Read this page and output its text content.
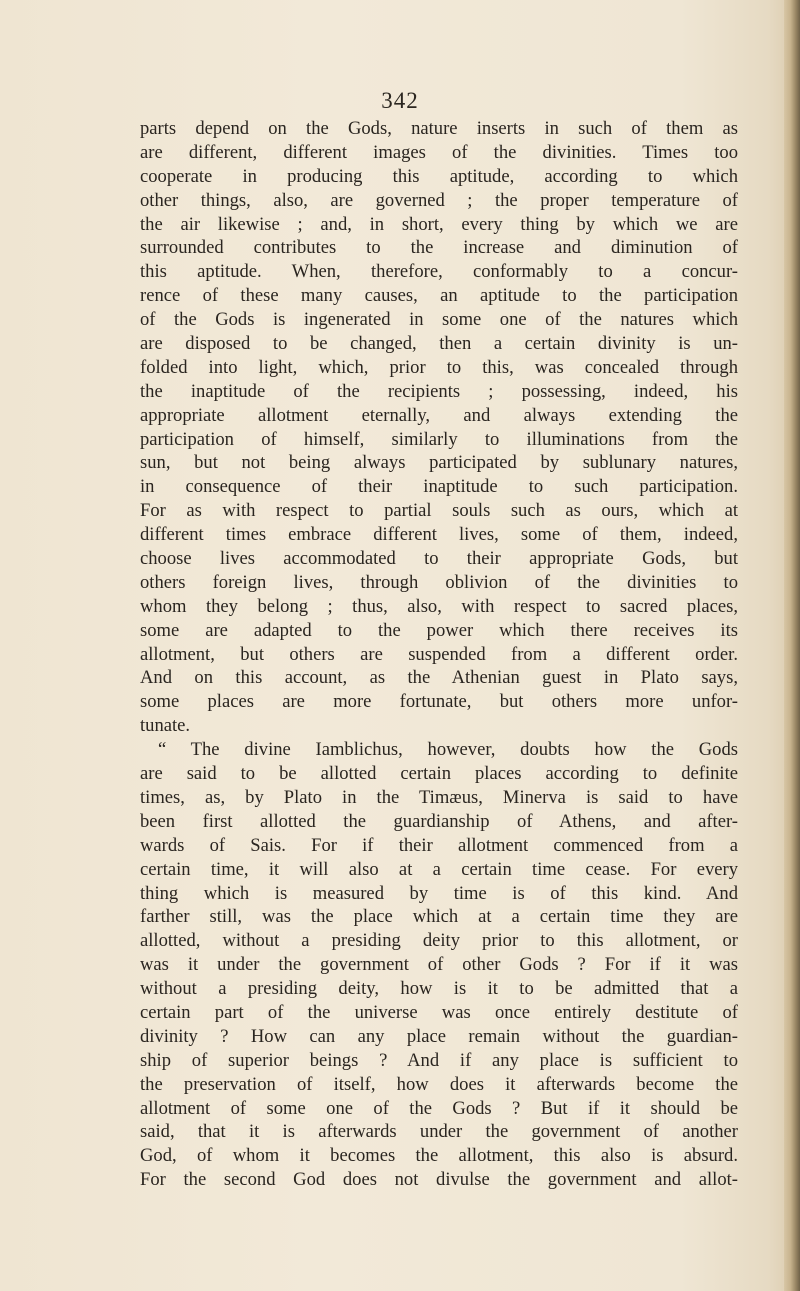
342
parts depend on the Gods, nature inserts in such of them as
are different, different images of the divinities. Times too
cooperate in producing this aptitude, according to which
other things, also, are governed ; the proper temperature of
the air likewise ; and, in short, every thing by which we are
surrounded contributes to the increase and diminution of
this aptitude. When, therefore, conformably to a concur-
rence of these many causes, an aptitude to the participation
of the Gods is ingenerated in some one of the natures which
are disposed to be changed, then a certain divinity is un-
folded into light, which, prior to this, was concealed through
the inaptitude of the recipients ; possessing, indeed, his
appropriate allotment eternally, and always extending the
participation of himself, similarly to illuminations from the
sun, but not being always participated by sublunary natures,
in consequence of their inaptitude to such participation.
For as with respect to partial souls such as ours, which at
different times embrace different lives, some of them, indeed,
choose lives accommodated to their appropriate Gods, but
others foreign lives, through oblivion of the divinities to
whom they belong ; thus, also, with respect to sacred places,
some are adapted to the power which there receives its
allotment, but others are suspended from a different order.
And on this account, as the Athenian guest in Plato says,
some places are more fortunate, but others more unfor-
tunate.
“ The divine Iamblichus, however, doubts how the Gods
are said to be allotted certain places according to definite
times, as, by Plato in the Timæus, Minerva is said to have
been first allotted the guardianship of Athens, and after-
wards of Sais. For if their allotment commenced from a
certain time, it will also at a certain time cease. For every
thing which is measured by time is of this kind. And
farther still, was the place which at a certain time they are
allotted, without a presiding deity prior to this allotment, or
was it under the government of other Gods ? For if it was
without a presiding deity, how is it to be admitted that a
certain part of the universe was once entirely destitute of
divinity ? How can any place remain without the guardian-
ship of superior beings ? And if any place is sufficient to
the preservation of itself, how does it afterwards become the
allotment of some one of the Gods ? But if it should be
said, that it is afterwards under the government of another
God, of whom it becomes the allotment, this also is absurd.
For the second God does not divulse the government and allot-
